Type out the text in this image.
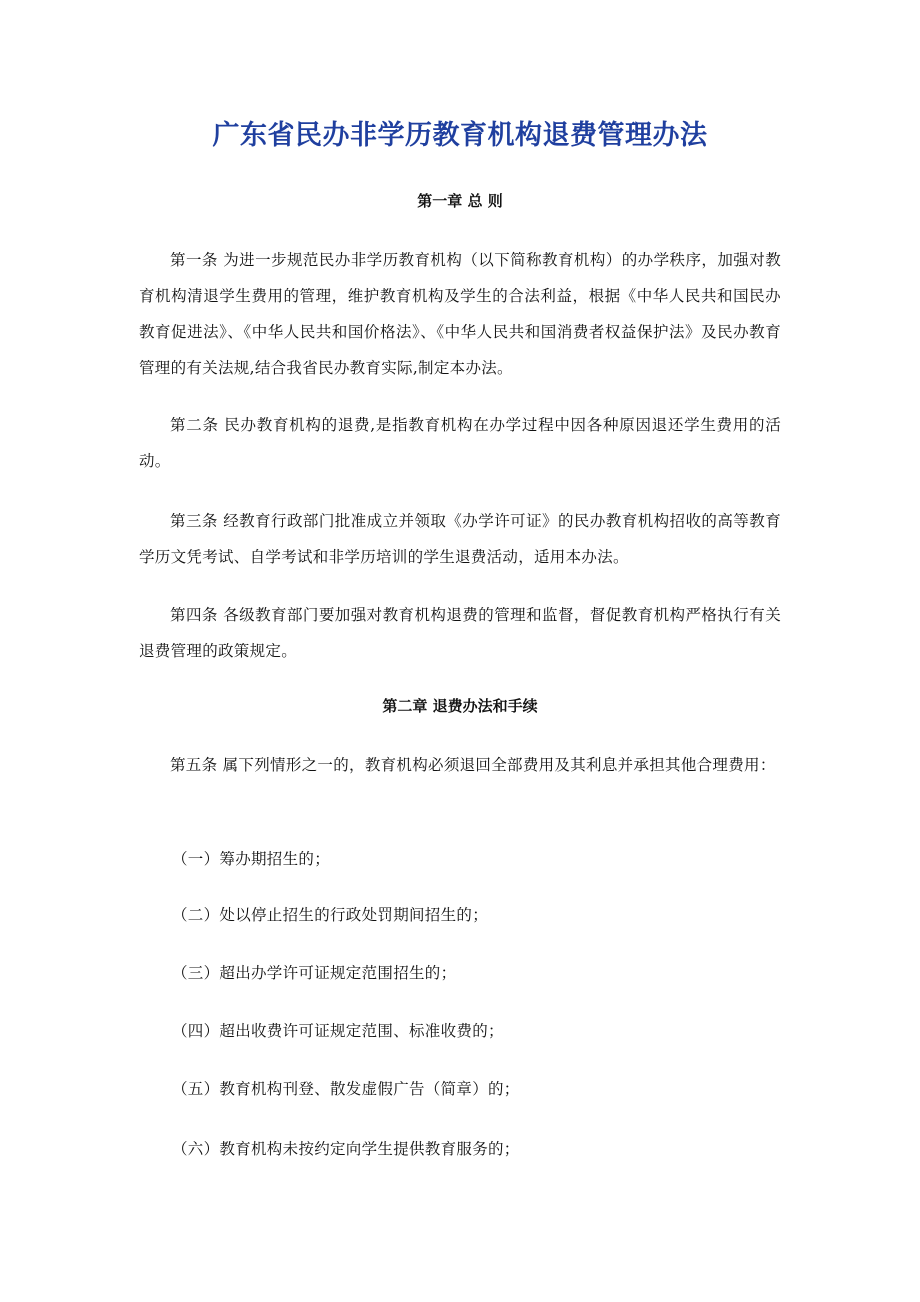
广东省民办非学历教育机构退费管理办法
第一章 总 则
第一条 为进一步规范民办非学历教育机构（以下简称教育机构）的办学秩序，加强对教育机构清退学生费用的管理，维护教育机构及学生的合法利益，根据《中华人民共和国民办教育促进法》、《中华人民共和国价格法》、《中华人民共和国消费者权益保护法》及民办教育管理的有关法规,结合我省民办教育实际,制定本办法。
第二条 民办教育机构的退费,是指教育机构在办学过程中因各种原因退还学生费用的活动。
第三条 经教育行政部门批准成立并领取《办学许可证》的民办教育机构招收的高等教育学历文凭考试、自学考试和非学历培训的学生退费活动，适用本办法。
第四条 各级教育部门要加强对教育机构退费的管理和监督，督促教育机构严格执行有关退费管理的政策规定。
第二章 退费办法和手续
第五条 属下列情形之一的，教育机构必须退回全部费用及其利息并承担其他合理费用：
（一）筹办期招生的；
（二）处以停止招生的行政处罚期间招生的；
（三）超出办学许可证规定范围招生的；
（四）超出收费许可证规定范围、标准收费的；
（五）教育机构刊登、散发虚假广告（简章）的；
（六）教育机构未按约定向学生提供教育服务的；
